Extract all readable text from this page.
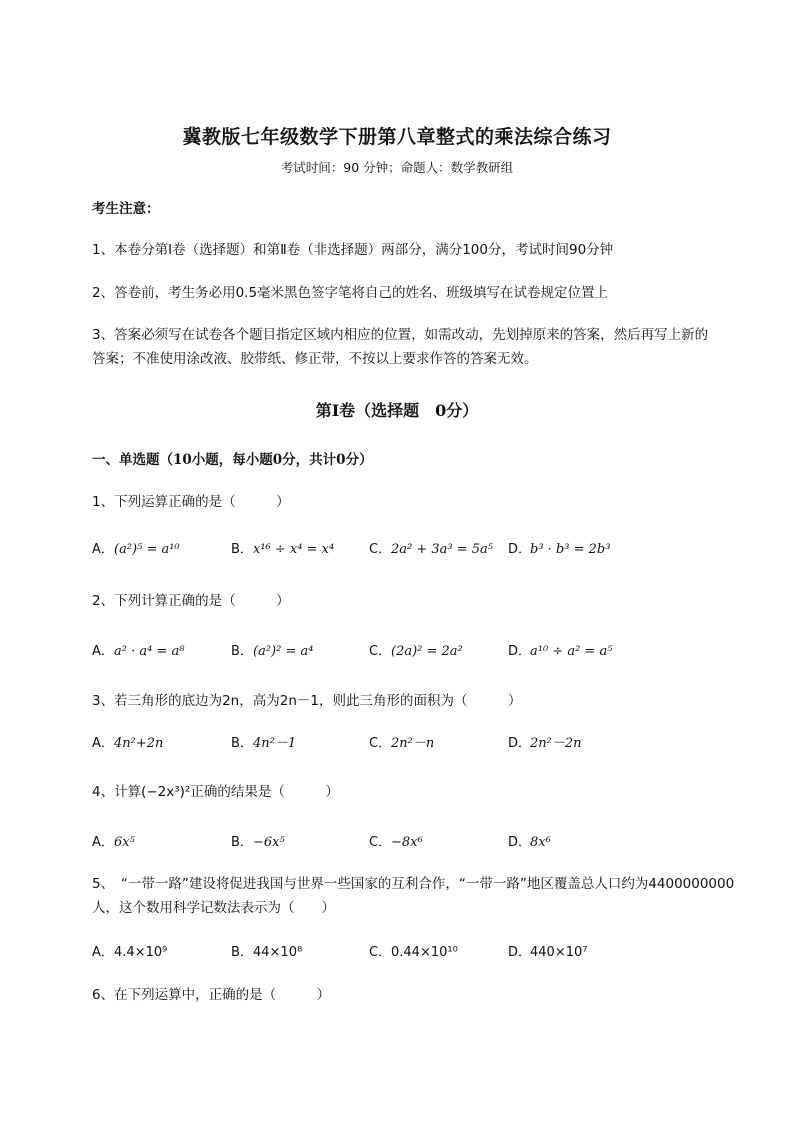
冀教版七年级数学下册第八章整式的乘法综合练习
考试时间：90 分钟；命题人：数学教研组
考生注意：
1、本卷分第Ⅰ卷（选择题）和第Ⅱ卷（非选择题）两部分，满分100分，考试时间90分钟
2、答卷前，考生务必用0.5毫米黑色签字笔将自己的姓名、班级填写在试卷规定位置上
3、答案必须写在试卷各个题目指定区域内相应的位置，如需改动，先划掉原来的答案，然后再写上新的答案；不准使用涂改液、胶带纸、修正带，不按以上要求作答的答案无效。
第Ⅰ卷（选择题　0分）
一、单选题（10小题，每小题0分，共计0分）
1、下列运算正确的是（　　　）
A．(a²)⁵ = a¹⁰	B．x¹⁶ ÷ x⁴ = x⁴	C．2a² + 3a³ = 5a⁵ D．b³ · b³ = 2b³
2、下列计算正确的是（　　　）
A．a² · a⁴ = a⁸	B．(a²)² = a⁴	C．(2a)² = 2a²	D．a¹⁰ ÷ a² = a⁵
3、若三角形的底边为2n，高为2n－1，则此三角形的面积为（　　　）
A．4n²+2n	B．4n²－1	C．2n²－n	D．2n²－2n
4、计算(−2x³)²正确的结果是（　　　）
A．6x⁵	B．−6x⁵	C．−8x⁶	D．8x⁶
5、　“一带一路”建设将促进我国与世界一些国家的互利合作，“一带一路”地区覆盖总人口约为4400000000人，这个数用科学记数法表示为（　　）
A．4.4×10⁹	B．44×10⁸	C．0.44×10¹⁰	D．440×10⁷
6、在下列运算中，正确的是（　　　）
